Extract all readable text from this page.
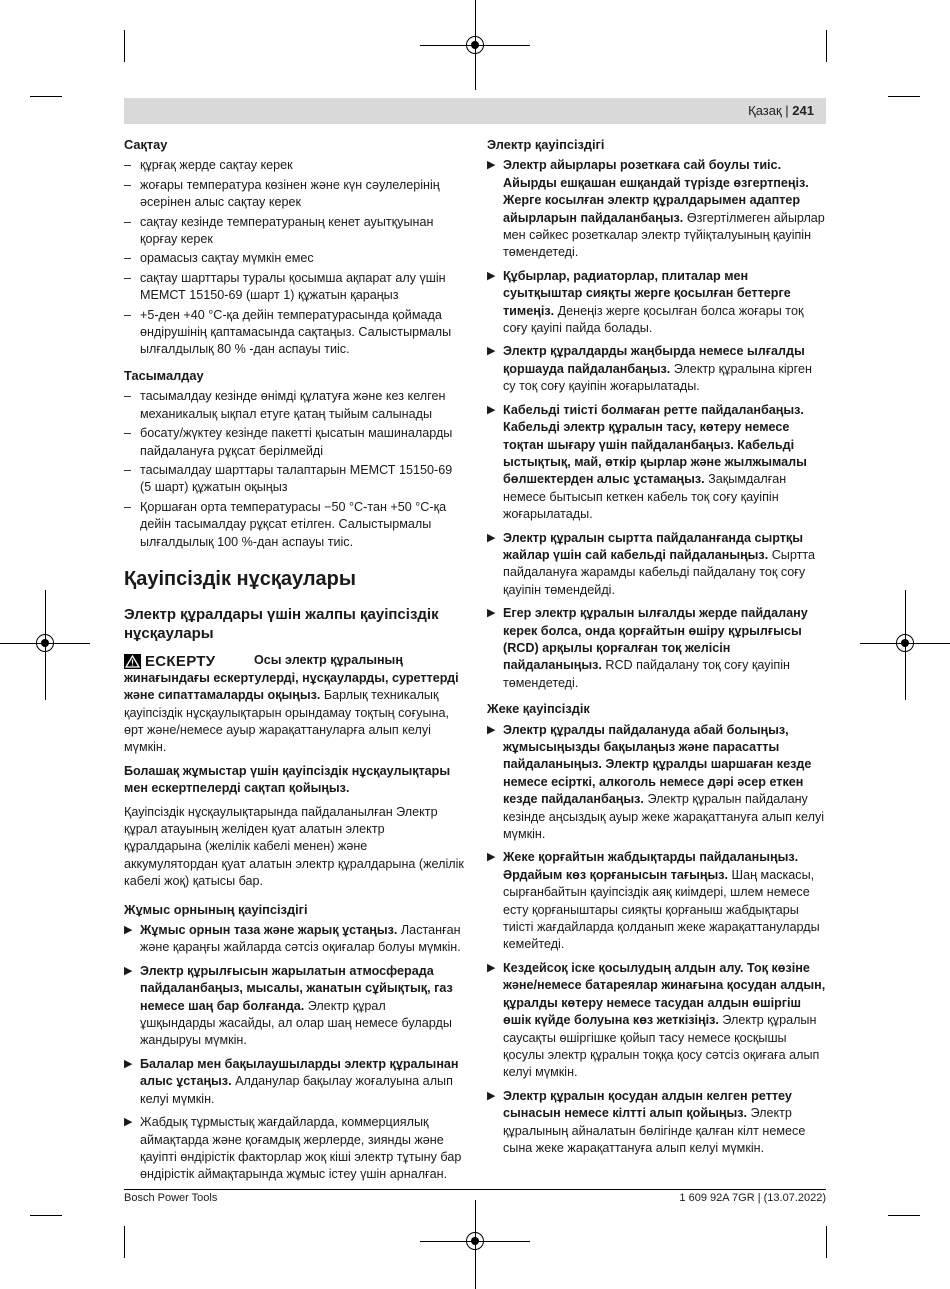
Қазақ | 241
Сақтау
– құрғақ жерде сақтау керек
– жоғары температура көзінен және күн сәулелерінің әсерінен алыс сақтау керек
– сақтау кезінде температураның кенет ауытқуынан қорғау керек
– орамасыз сақтау мүмкін емес
– сақтау шарттары туралы қосымша ақпарат алу үшін МЕМСТ 15150-69 (шарт 1) құжатын қараңыз
– +5-ден +40 °C-қа дейін температурасында қоймада өндірушінің қаптамасында сақтаңыз. Салыстырмалы ылғалдылық 80 % -дан аспауы тиіс.
Тасымалдау
– тасымалдау кезінде өнімді құлатуға және кез келген механикалық ықпал етуге қатаң тыйым салынады
– босату/жүктеу кезінде пакетті қысатын машиналарды пайдалануға рұқсат берілмейді
– тасымалдау шарттары талаптарын МЕМСТ 15150-69 (5 шарт) құжатын оқыңыз
– Қоршаған орта температурасы −50 °C-тан +50 °C-қа дейін тасымалдау рұқсат етілген. Салыстырмалы ылғалдылық 100 %-дан аспауы тиіс.
Қауіпсіздік нұсқаулары
Электр құралдары үшін жалпы қауіпсіздік нұсқаулары
ЕСКЕРТУ	Осы электр құралының жинағындағы ескертулерді, нұсқауларды, суреттерді және сипаттамаларды оқыңыз. Барлық техникалық қауіпсіздік нұсқаулықтарын орындамау тоқтың соғуына, өрт және/немесе ауыр жарақаттануларға алып келуі мүмкін.

Болашақ жұмыстар үшін қауіпсіздік нұсқаулықтары мен ескертпелерді сақтап қойыңыз.

Қауіпсіздік нұсқаулықтарында пайдаланылған Электр құрал атауының желіден қуат алатын электр құралдарына (желілік кабелі менен) және аккумулятордан қуат алатын электр құралдарына (желілік кабелі жоқ) қатысы бар.

Жұмыс орнының қауіпсіздігі
▶ Жұмыс орнын таза және жарық ұстаңыз. Ластанған және қараңғы жайларда сәтсіз оқиғалар болуы мүмкін.
▶ Электр құрылғысын жарылатын атмосферада пайдаланбаңыз, мысалы, жанатын сұйықтық, газ немесе шаң бар болғанда. Электр құрал ұшқындарды жасайды, ал олар шаң немесе буларды жандыруы мүмкін.
▶ Балалар мен бақылаушыларды электр құралынан алыс ұстаңыз. Алданулар бақылау жоғалуына алып келуі мүмкін.
▶ Жабдық тұрмыстық жағдайларда, коммерциялық аймақтарда және қоғамдық жерлерде, зиянды және қауіпті өндірістік факторлар жоқ кіші электр тұтыну бар өндірістік аймақтарында жұмыс істеу үшін арналған.
Электр қауіпсіздігі
▶ Электр айырлары розеткаға сай боулы тиіс. Айырды ешқашан ешқандай түрізде өзгертпеңіз. Жерге косылған электр құралдарымен адаптер айырларын пайдаланбаңыз. Өзгертілмеген айырлар мен сәйкес розеткалар электр түйіқталуының қауіпін төмендетеді.
▶ Құбырлар, радиаторлар, плиталар мен суытқыштар сияқты жерге қосылған беттерге тимеңіз. Денеңіз жерге қосылған болса жоғары тоқ соғу қауіпі пайда болады.
▶ Электр құралдарды жаңбырда немесе ылғалды қоршауда пайдаланбаңыз. Электр құралына кірген су тоқ соғу қауіпін жоғарылатады.
▶ Кабельді тиісті болмаған ретте пайдаланбаңыз. Кабельді электр құралын тасу, көтеру немесе тоқтан шығару үшін пайдаланбаңыз. Кабельді ыстықтық, май, өткір қырлар және жылжымалы бөлшектерден алыс ұстамаңыз. Зақымдалған немесе бытысып кеткен кабель тоқ соғу қауіпін жоғарылатады.
▶ Электр құралын сыртта пайдаланғанда сыртқы жайлар үшін сай кабельді пайдаланыңыз. Сыртта пайдалануға жарамды кабельді пайдалану тоқ соғу қауіпін төмендейді.
▶ Егер электр құралын ылғалды жерде пайдалану керек болса, онда қорғайтын өшіру құрылғысы (RCD) арқылы қорғалған тоқ желісін пайдаланыңыз. RCD пайдалану тоқ соғу қауіпін төмендетеді.
Жеке қауіпсіздік
▶ Электр құралды пайдалануда абай болыңыз, жұмысыңызды бақылаңыз және парасатты пайдаланыңыз. Электр құралды шаршаған кезде немесе есірткі, алкоголь немесе дәрі әсер еткен кезде пайдаланбаңыз. Электр құралын пайдалану кезінде аңсыздық ауыр жеке жарақаттануға алып келуі мүмкін.
▶ Жеке қорғайтын жабдықтарды пайдаланыңыз. Әрдайым көз қорғанысын тағыңыз. Шаң маскасы, сырғанбайтын қауіпсіздік аяқ киімдері, шлем немесе есту қорғаныштары сияқты қорғаныш жабдықтары тиісті жағдайларда қолданып жеке жарақаттануларды кемейтеді.
▶ Кездейсоқ іске қосылудың алдын алу. Тоқ көзіне және/немесе батареялар жинағына қосудан алдын, құралды көтеру немесе тасудан алдын өшіргіш өшік күйде болуына көз жеткізіңіз. Электр құралын саусақты өшіргішке қойып тасу немесе қосқышы қосулы электр құралын тоққа қосу сәтсіз оқиғаға алып келуі мүмкін.
▶ Электр құралын қосудан алдын келген реттеу сынасын немесе кілтті алып қойыңыз. Электр құралының айналатын бөлігінде қалған кілт немесе сына жеке жарақаттануға алып келуі мүмкін.
Bosch Power Tools	1 609 92A 7GR | (13.07.2022)
